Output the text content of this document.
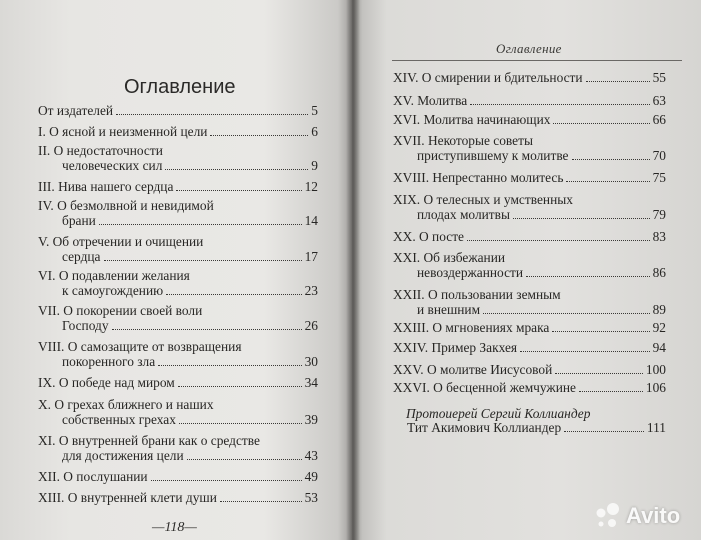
Оглавление
Оглавление
От издателей	5
I. О ясной и неизменной цели	6
II. О недостаточности
человеческих сил	9
III. Нива нашего сердца	12
IV. О безмолвной и невидимой
брани	14
V. Об отречении и очищении
сердца	17
VI. О подавлении желания
к самоугождению	23
VII. О покорении своей воли
Господу	26
VIII. О самозащите от возвращения
покоренного зла	30
IX. О победе над миром	34
X. О грехах ближнего и наших
собственных грехах	39
XI. О внутренней брани как о средстве
для достижения цели	43
XII. О послушании	49
XIII. О внутренней клети души	53
XIV. О смирении и бдительности	55
XV. Молитва	63
XVI. Молитва начинающих	66
XVII. Некоторые советы
приступившему к молитве	70
XVIII. Непрестанно молитесь	75
XIX. О телесных и умственных
плодах молитвы	79
XX. О посте	83
XXI. Об избежании
невоздержанности	86
XXII. О пользовании земным
и внешним	89
XXIII. О мгновениях мрака	92
XXIV. Пример Закхея	94
XXV. О молитве Иисусовой	100
XXVI. О бесценной жемчужине	106
Тит Акимович Коллиандер	111
Протоиерей Сергий Коллиандер
—118—	Avito
